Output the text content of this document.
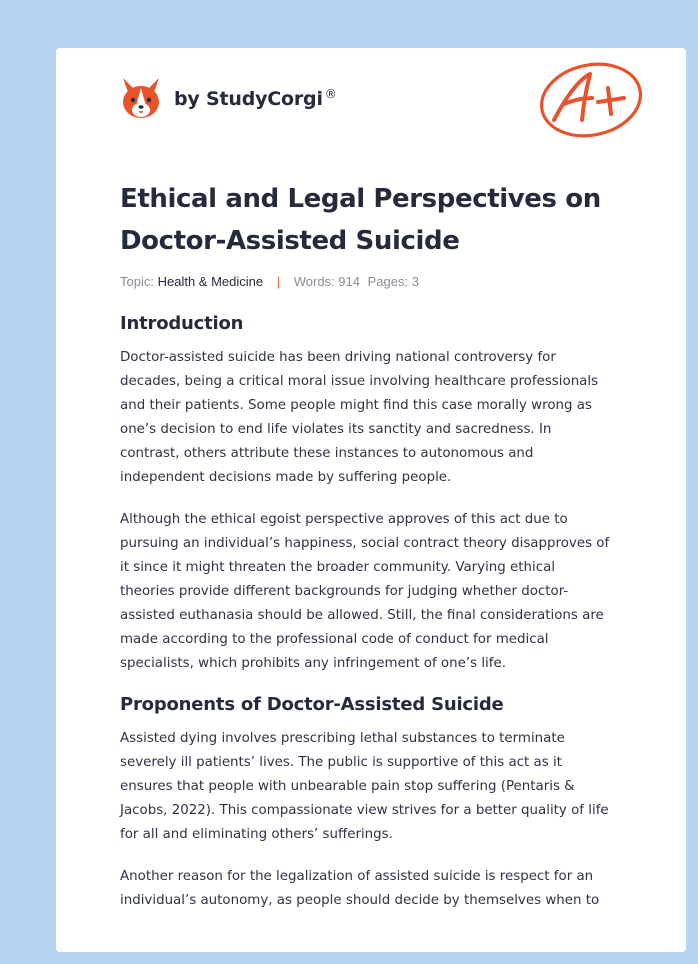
by StudyCorgi ®
Ethical and Legal Perspectives on
Doctor-Assisted Suicide
Topic: Health & Medicine | Words: 914 Pages: 3
Introduction

Doctor-assisted suicide has been driving national controversy for
decades, being a critical moral issue involving healthcare professionals
and their patients. Some people might find this case morally wrong as
one’s decision to end life violates its sanctity and sacredness. In
contrast, others attribute these instances to autonomous and
independent decisions made by suffering people.

Although the ethical egoist perspective approves of this act due to
pursuing an individual’s happiness, social contract theory disapproves of
it since it might threaten the broader community. Varying ethical
theories provide different backgrounds for judging whether doctor-
assisted euthanasia should be allowed. Still, the final considerations are
made according to the professional code of conduct for medical
specialists, which prohibits any infringement of one’s life.

Proponents of Doctor-Assisted Suicide

Assisted dying involves prescribing lethal substances to terminate
severely ill patients’ lives. The public is supportive of this act as it
ensures that people with unbearable pain stop suffering (Pentaris &
Jacobs, 2022). This compassionate view strives for a better quality of life
for all and eliminating others’ sufferings.

Another reason for the legalization of assisted suicide is respect for an
individual’s autonomy, as people should decide by themselves when to
